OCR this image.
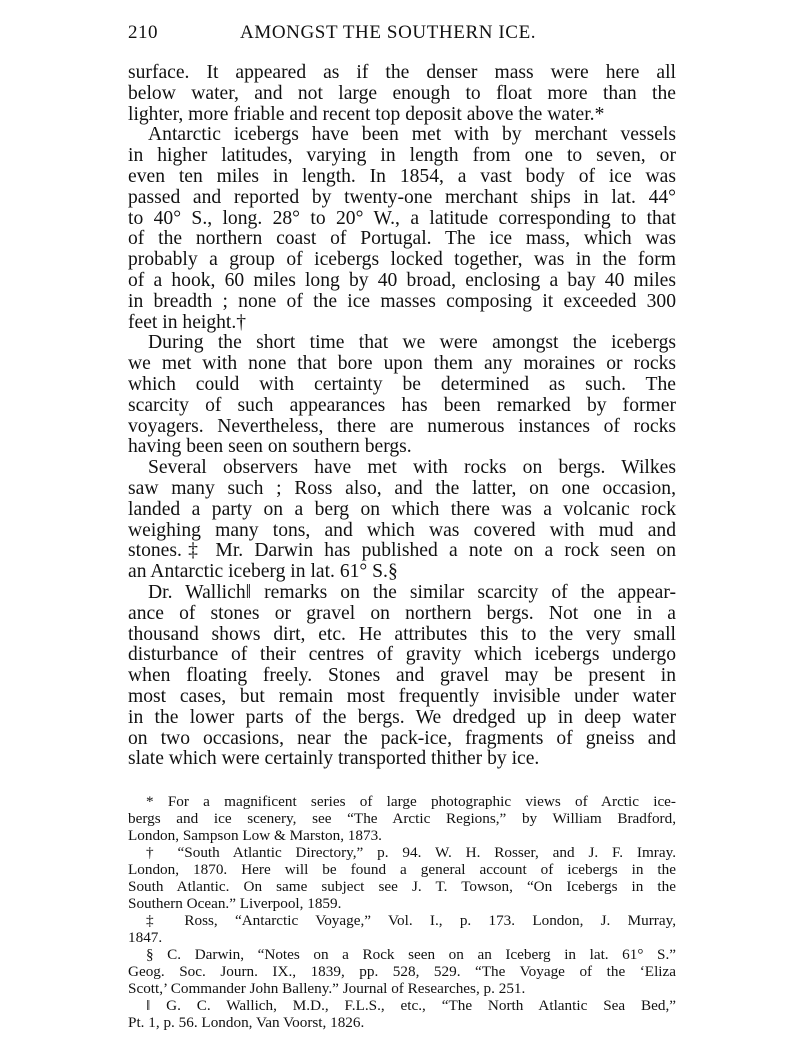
210	AMONGST THE SOUTHERN ICE.
surface. It appeared as if the denser mass were here all
below water, and not large enough to float more than the
lighter, more friable and recent top deposit above the water.*
Antarctic icebergs have been met with by merchant vessels
in higher latitudes, varying in length from one to seven, or
even ten miles in length. In 1854, a vast body of ice was
passed and reported by twenty-one merchant ships in lat. 44°
to 40° S., long. 28° to 20° W., a latitude corresponding to that
of the northern coast of Portugal. The ice mass, which was
probably a group of icebergs locked together, was in the form
of a hook, 60 miles long by 40 broad, enclosing a bay 40 miles
in breadth ; none of the ice masses composing it exceeded 300
feet in height.†
During the short time that we were amongst the icebergs
we met with none that bore upon them any moraines or rocks
which could with certainty be determined as such. The
scarcity of such appearances has been remarked by former
voyagers. Nevertheless, there are numerous instances of rocks
having been seen on southern bergs.
Several observers have met with rocks on bergs. Wilkes
saw many such ; Ross also, and the latter, on one occasion,
landed a party on a berg on which there was a volcanic rock
weighing many tons, and which was covered with mud and
stones.‡ Mr. Darwin has published a note on a rock seen on
an Antarctic iceberg in lat. 61° S.§
Dr. Wallich‖ remarks on the similar scarcity of the appear-
ance of stones or gravel on northern bergs. Not one in a
thousand shows dirt, etc. He attributes this to the very small
disturbance of their centres of gravity which icebergs undergo
when floating freely. Stones and gravel may be present in
most cases, but remain most frequently invisible under water
in the lower parts of the bergs. We dredged up in deep water
on two occasions, near the pack-ice, fragments of gneiss and
slate which were certainly transported thither by ice.
* For a magnificent series of large photographic views of Arctic ice-
bergs and ice scenery, see “The Arctic Regions,” by William Bradford,
London, Sampson Low & Marston, 1873.
† “South Atlantic Directory,” p. 94. W. H. Rosser, and J. F. Imray.
London, 1870. Here will be found a general account of icebergs in the
South Atlantic. On same subject see J. T. Towson, “On Icebergs in the
Southern Ocean.” Liverpool, 1859.
‡ Ross, “Antarctic Voyage,” Vol. I., p. 173. London, J. Murray,
1847.
§ C. Darwin, “Notes on a Rock seen on an Iceberg in lat. 61° S.”
Geog. Soc. Journ. IX., 1839, pp. 528, 529. “The Voyage of the ‘Eliza
Scott,’ Commander John Balleny.” Journal of Researches, p. 251.
‖ G. C. Wallich, M.D., F.L.S., etc., “The North Atlantic Sea Bed,”
Pt. 1, p. 56. London, Van Voorst, 1826.
